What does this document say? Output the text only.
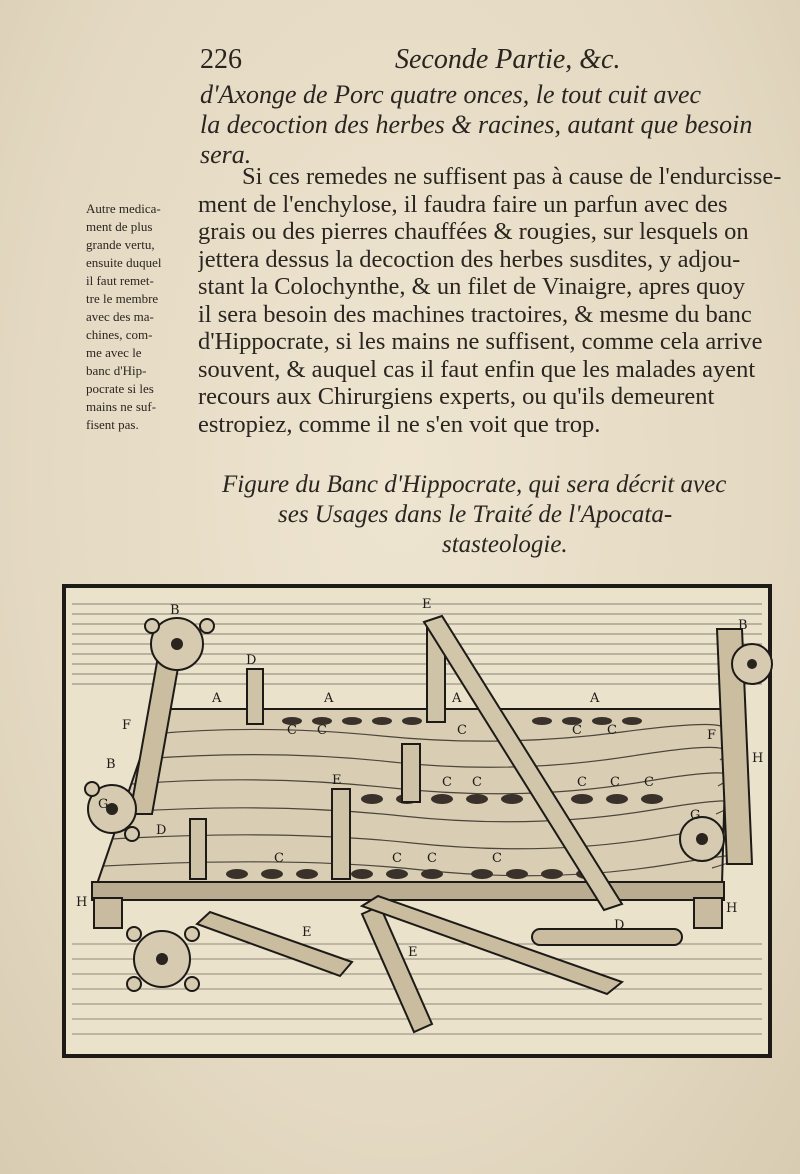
226	Seconde Partie, &c.
d'Axonge de Porc quatre onces, le tout cuit avec
la decoction des herbes & racines, autant que besoin
sera.
Autre medica-
ment de plus
grande vertu,
ensuite duquel
il faut remet-
tre le membre
avec des ma-
chines, com-
me avec le
banc d'Hip-
pocrate si les
mains ne suf-
fisent pas.
Si ces remedes ne suffisent pas à cause de l'endurcisse-
ment de l'enchylose, il faudra faire un parfun avec des
grais ou des pierres chauffées & rougies, sur lesquels on
jettera dessus la decoction des herbes susdites, y adjou-
stant la Colochynthe, & un filet de Vinaigre, apres quoy
il sera besoin des machines tractoires, & mesme du banc
d'Hippocrate, si les mains ne suffisent, comme cela arrive
souvent, & auquel cas il faut enfin que les malades ayent
recours aux Chirurgiens experts, ou qu'ils demeurent
estropiez, comme il ne s'en voit que trop.
Figure du Banc d'Hippocrate, qui sera décrit avec
ses Usages dans le Traité de l'Apocata-
stasteologie.
B	E
B
D
A	A	A	A
F
F
B	H
C C	C	C C
E	C C	C C C
G
G
D
C	C C	C
H	H
E
E
D
